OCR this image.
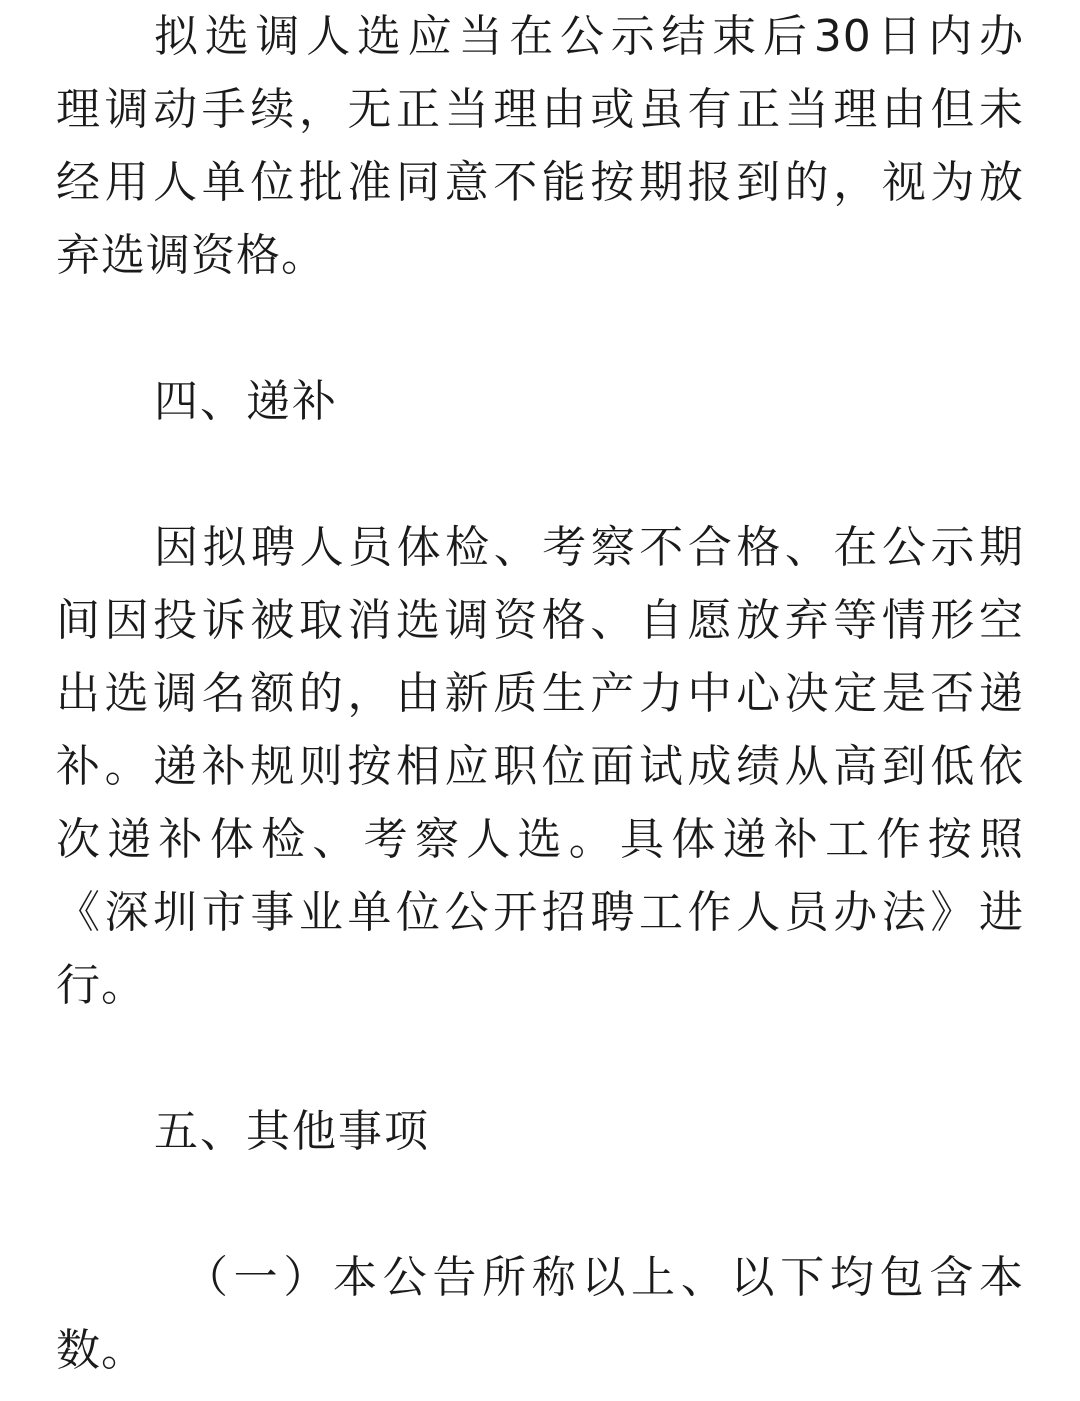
拟选调人选应当在公示结束后30日内办
理调动手续，无正当理由或虽有正当理由但未
经用人单位批准同意不能按期报到的，视为放
弃选调资格。
四、递补
因拟聘人员体检、考察不合格、在公示期
间因投诉被取消选调资格、自愿放弃等情形空
出选调名额的，由新质生产力中心决定是否递
补。递补规则按相应职位面试成绩从高到低依
次递补体检、考察人选。具体递补工作按照
《深圳市事业单位公开招聘工作人员办法》进
行。
五、其他事项
（一）本公告所称以上、以下均包含本
数。
